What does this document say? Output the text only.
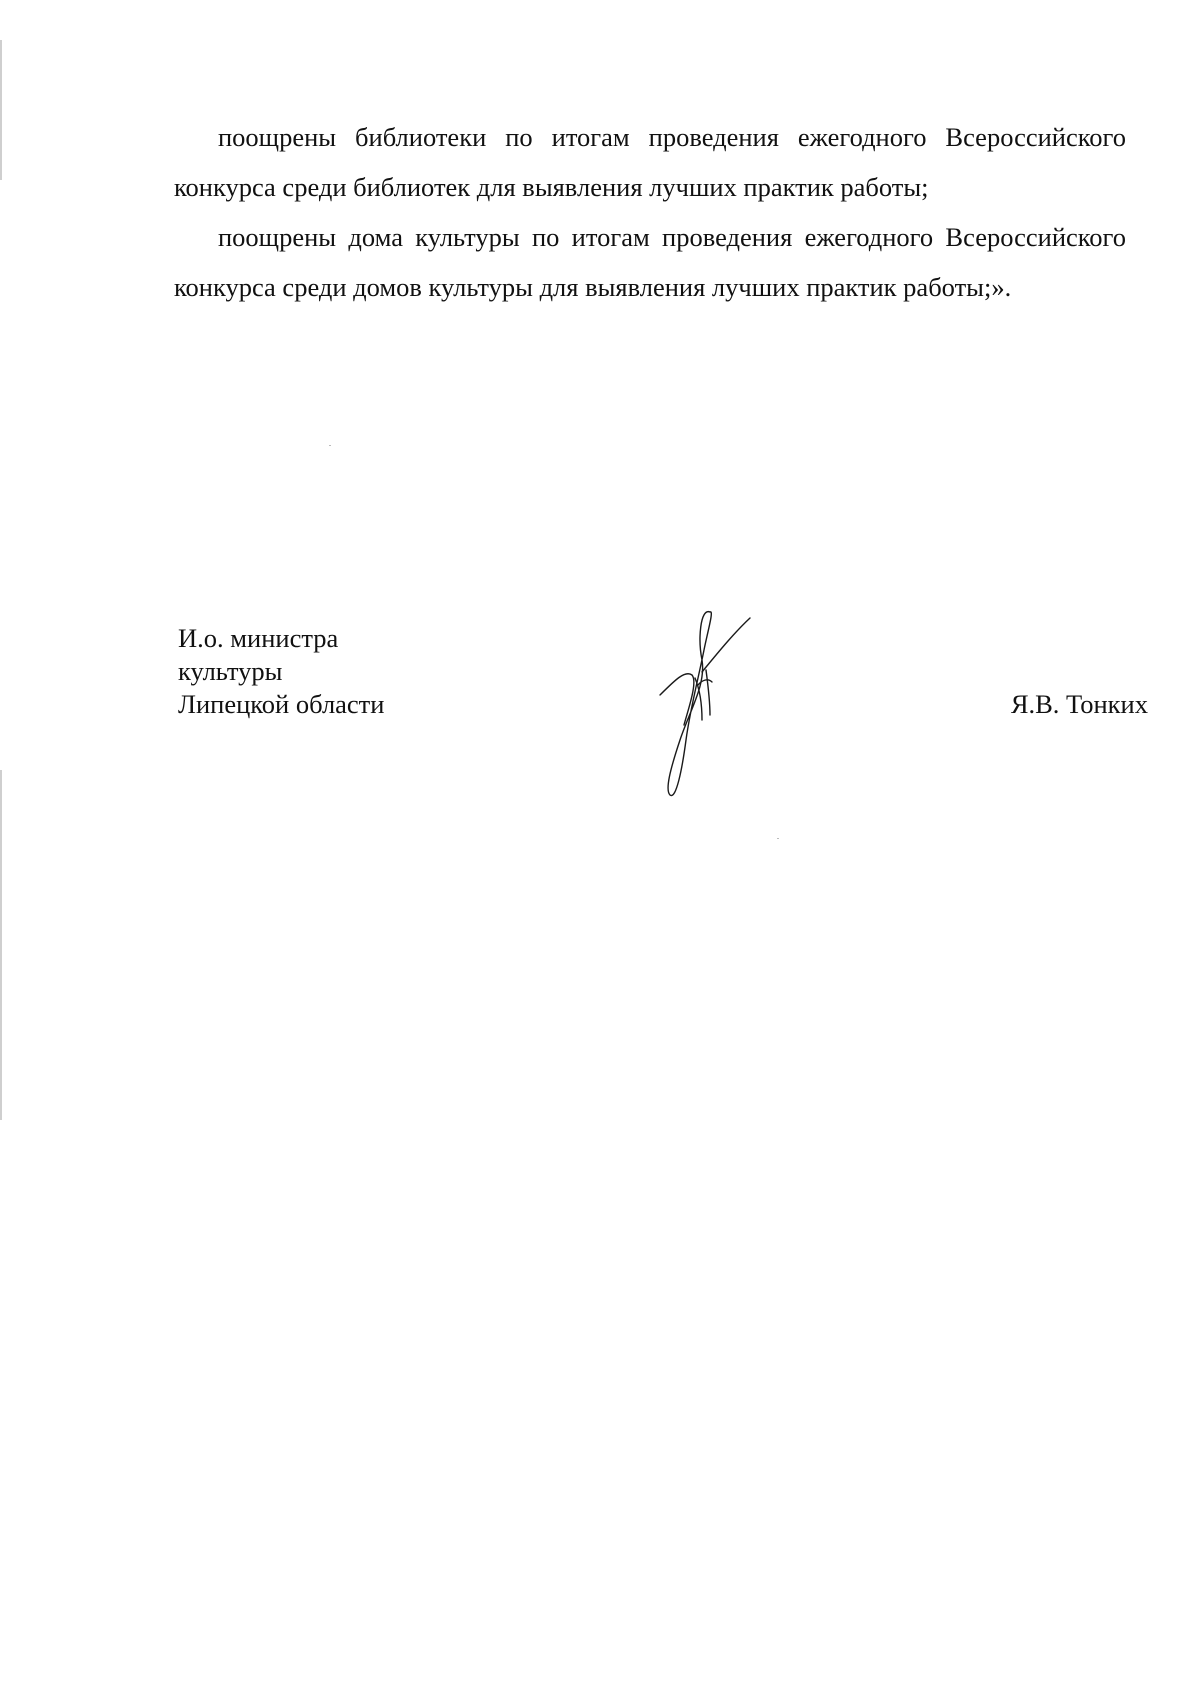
поощрены библиотеки по итогам проведения ежегодного Всероссийского конкурса среди библиотек для выявления лучших практик работы;

поощрены дома культуры по итогам проведения ежегодного Всероссийского конкурса среди домов культуры для выявления лучших практик работы;».

И.о. министра
культуры
Липецкой области	Я.В. Тонких
